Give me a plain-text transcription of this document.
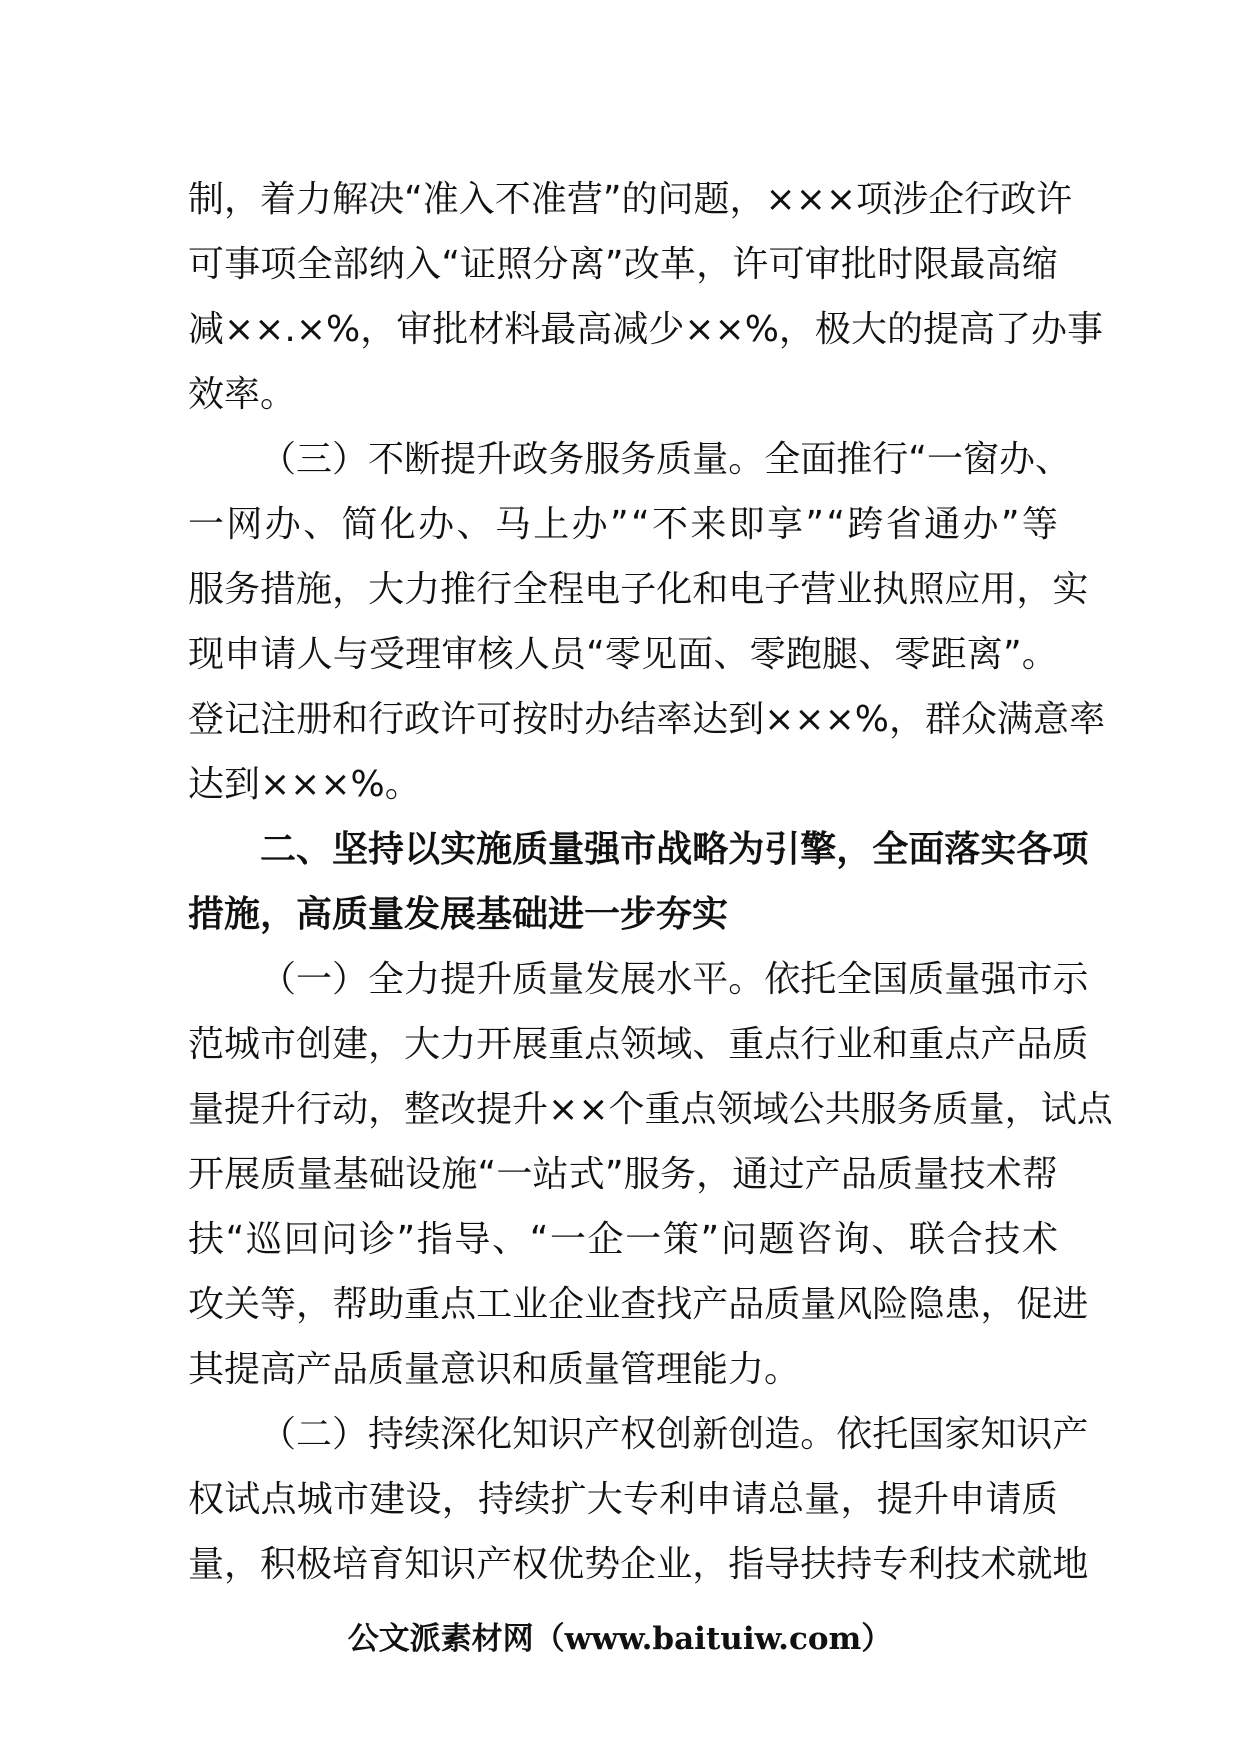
制 ， 着 力 解 决 “ 准 入 不 准 营 ” 的 问 题 ， × × × 项 涉 企 行 政 许
可 事 项 全 部 纳 入 “ 证 照 分 离 ” 改 革 ， 许 可 审 批 时 限 最 高 缩
减 × × . × % ， 审 批 材 料 最 高 减 少 × × % ， 极 大 的 提 高 了 办 事
效率。
（ 三 ） 不 断 提 升 政 务 服 务 质 量 。 全 面 推 行 “ 一 窗 办 、
一 网 办 、 简 化 办 、 马 上 办 ” “ 不 来 即 享 ” “ 跨 省 通 办 ” 等
服 务 措 施 ， 大 力 推 行 全 程 电 子 化 和 电 子 营 业 执 照 应 用 ， 实
现 申 请 人 与 受 理 审 核 人 员 “ 零 见 面 、 零 跑 腿 、 零 距 离 ” 。
登 记 注 册 和 行 政 许 可 按 时 办 结 率 达 到 × × × % ， 群 众 满 意 率
达到×××%。
二 、 坚 持 以 实 施 质 量 强 市 战 略 为 引 擎 ， 全 面 落 实 各 项
措施，高质量发展基础进一步夯实
（ 一 ） 全 力 提 升 质 量 发 展 水 平 。 依 托 全 国 质 量 强 市 示
范 城 市 创 建 ， 大 力 开 展 重 点 领 域 、 重 点 行 业 和 重 点 产 品 质
量 提 升 行 动 ， 整 改 提 升 × × 个 重 点 领 域 公 共 服 务 质 量 ， 试 点
开 展 质 量 基 础 设 施 “ 一 站 式 ” 服 务 ， 通 过 产 品 质 量 技 术 帮
扶 “ 巡 回 问 诊 ” 指 导 、 “ 一 企 一 策 ” 问 题 咨 询 、 联 合 技 术
攻 关 等 ， 帮 助 重 点 工 业 企 业 查 找 产 品 质 量 风 险 隐 患 ， 促 进
其提高产品质量意识和质量管理能力。
（ 二 ） 持 续 深 化 知 识 产 权 创 新 创 造 。 依 托 国 家 知 识 产
权 试 点 城 市 建 设 ， 持 续 扩 大 专 利 申 请 总 量 ， 提 升 申 请 质
量 ， 积 极 培 育 知 识 产 权 优 势 企 业 ， 指 导 扶 持 专 利 技 术 就 地
公文派素材网（www.baituiw.com）
